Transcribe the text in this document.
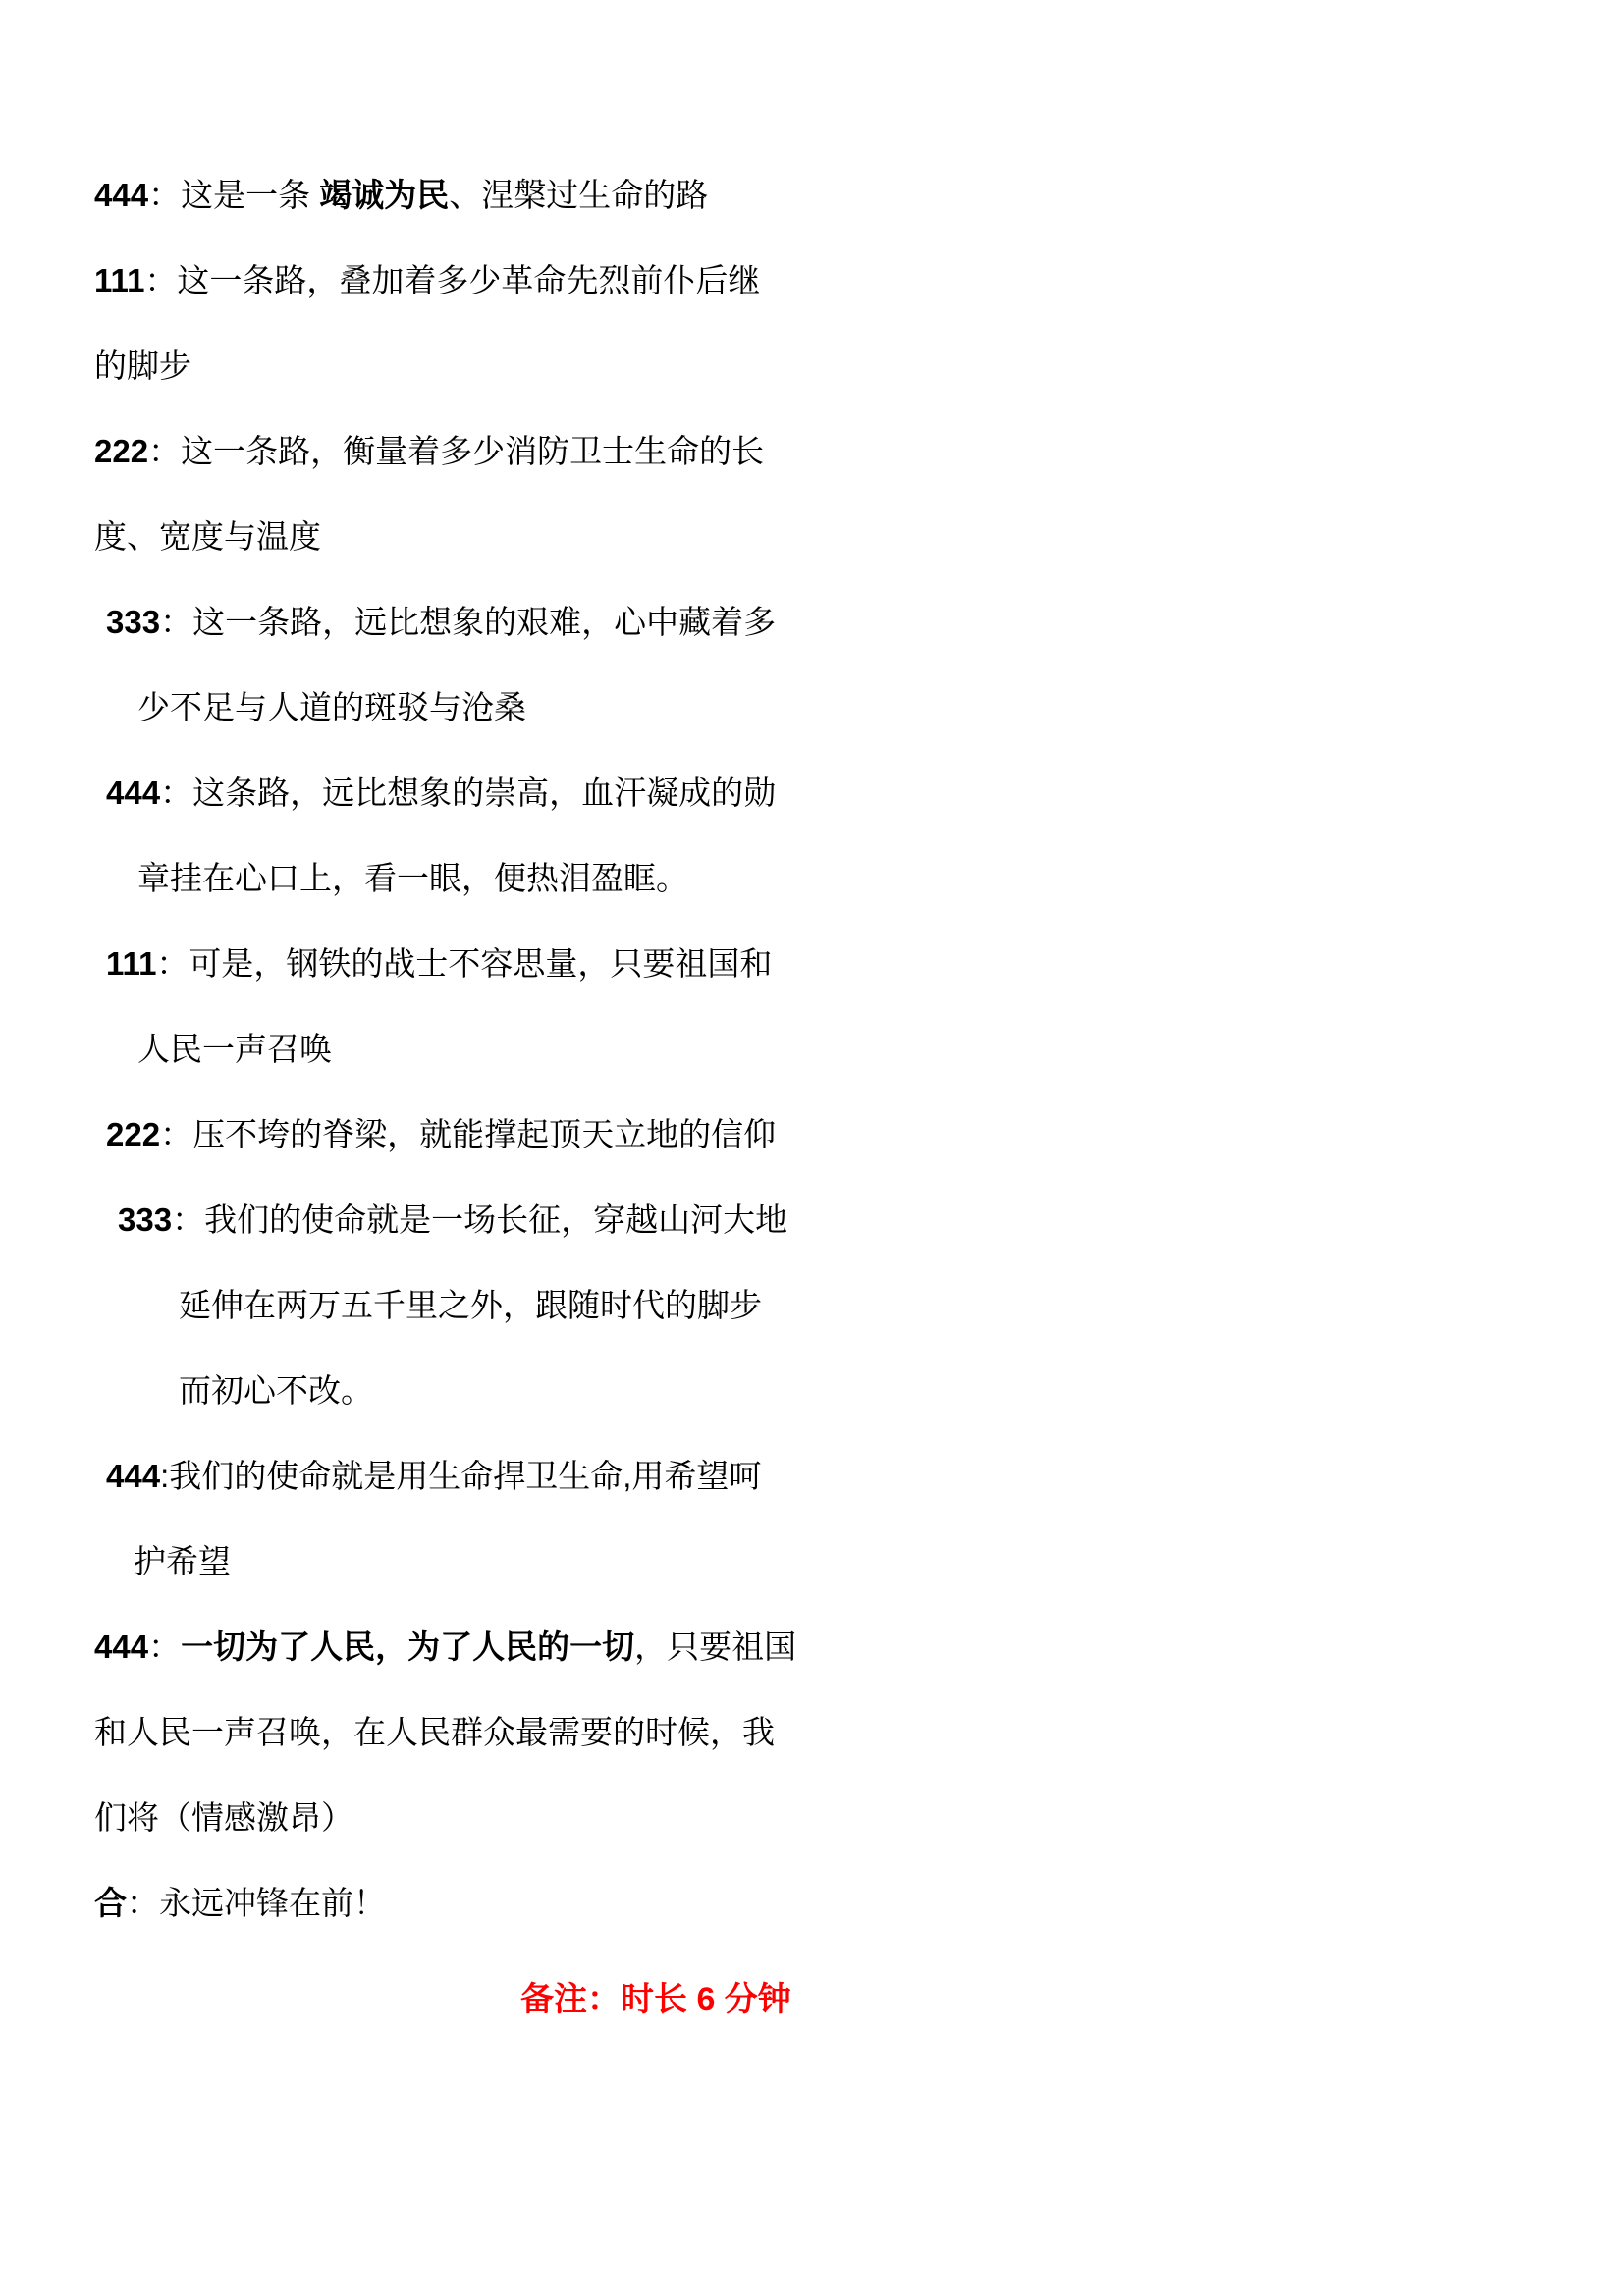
444：这是一条 竭诚为民、涅槃过生命的路
111：这一条路，叠加着多少革命先烈前仆后继
的脚步
222：这一条路，衡量着多少消防卫士生命的长
度、宽度与温度
333：这一条路，远比想象的艰难，心中藏着多
少不足与人道的斑驳与沧桑
444：这条路，远比想象的崇高，血汗凝成的勋
章挂在心口上，看一眼，便热泪盈眶。
111：可是，钢铁的战士不容思量，只要祖国和
人民一声召唤
222：压不垮的脊梁，就能撑起顶天立地的信仰
333：我们的使命就是一场长征，穿越山河大地
延伸在两万五千里之外，跟随时代的脚步
而初心不改。
444:我们的使命就是用生命捍卫生命,用希望呵
护希望
444：一切为了人民，为了人民的一切，只要祖国
和人民一声召唤，在人民群众最需要的时候，我
们将（情感激昂）
合：永远冲锋在前！
备注：时长 6 分钟
